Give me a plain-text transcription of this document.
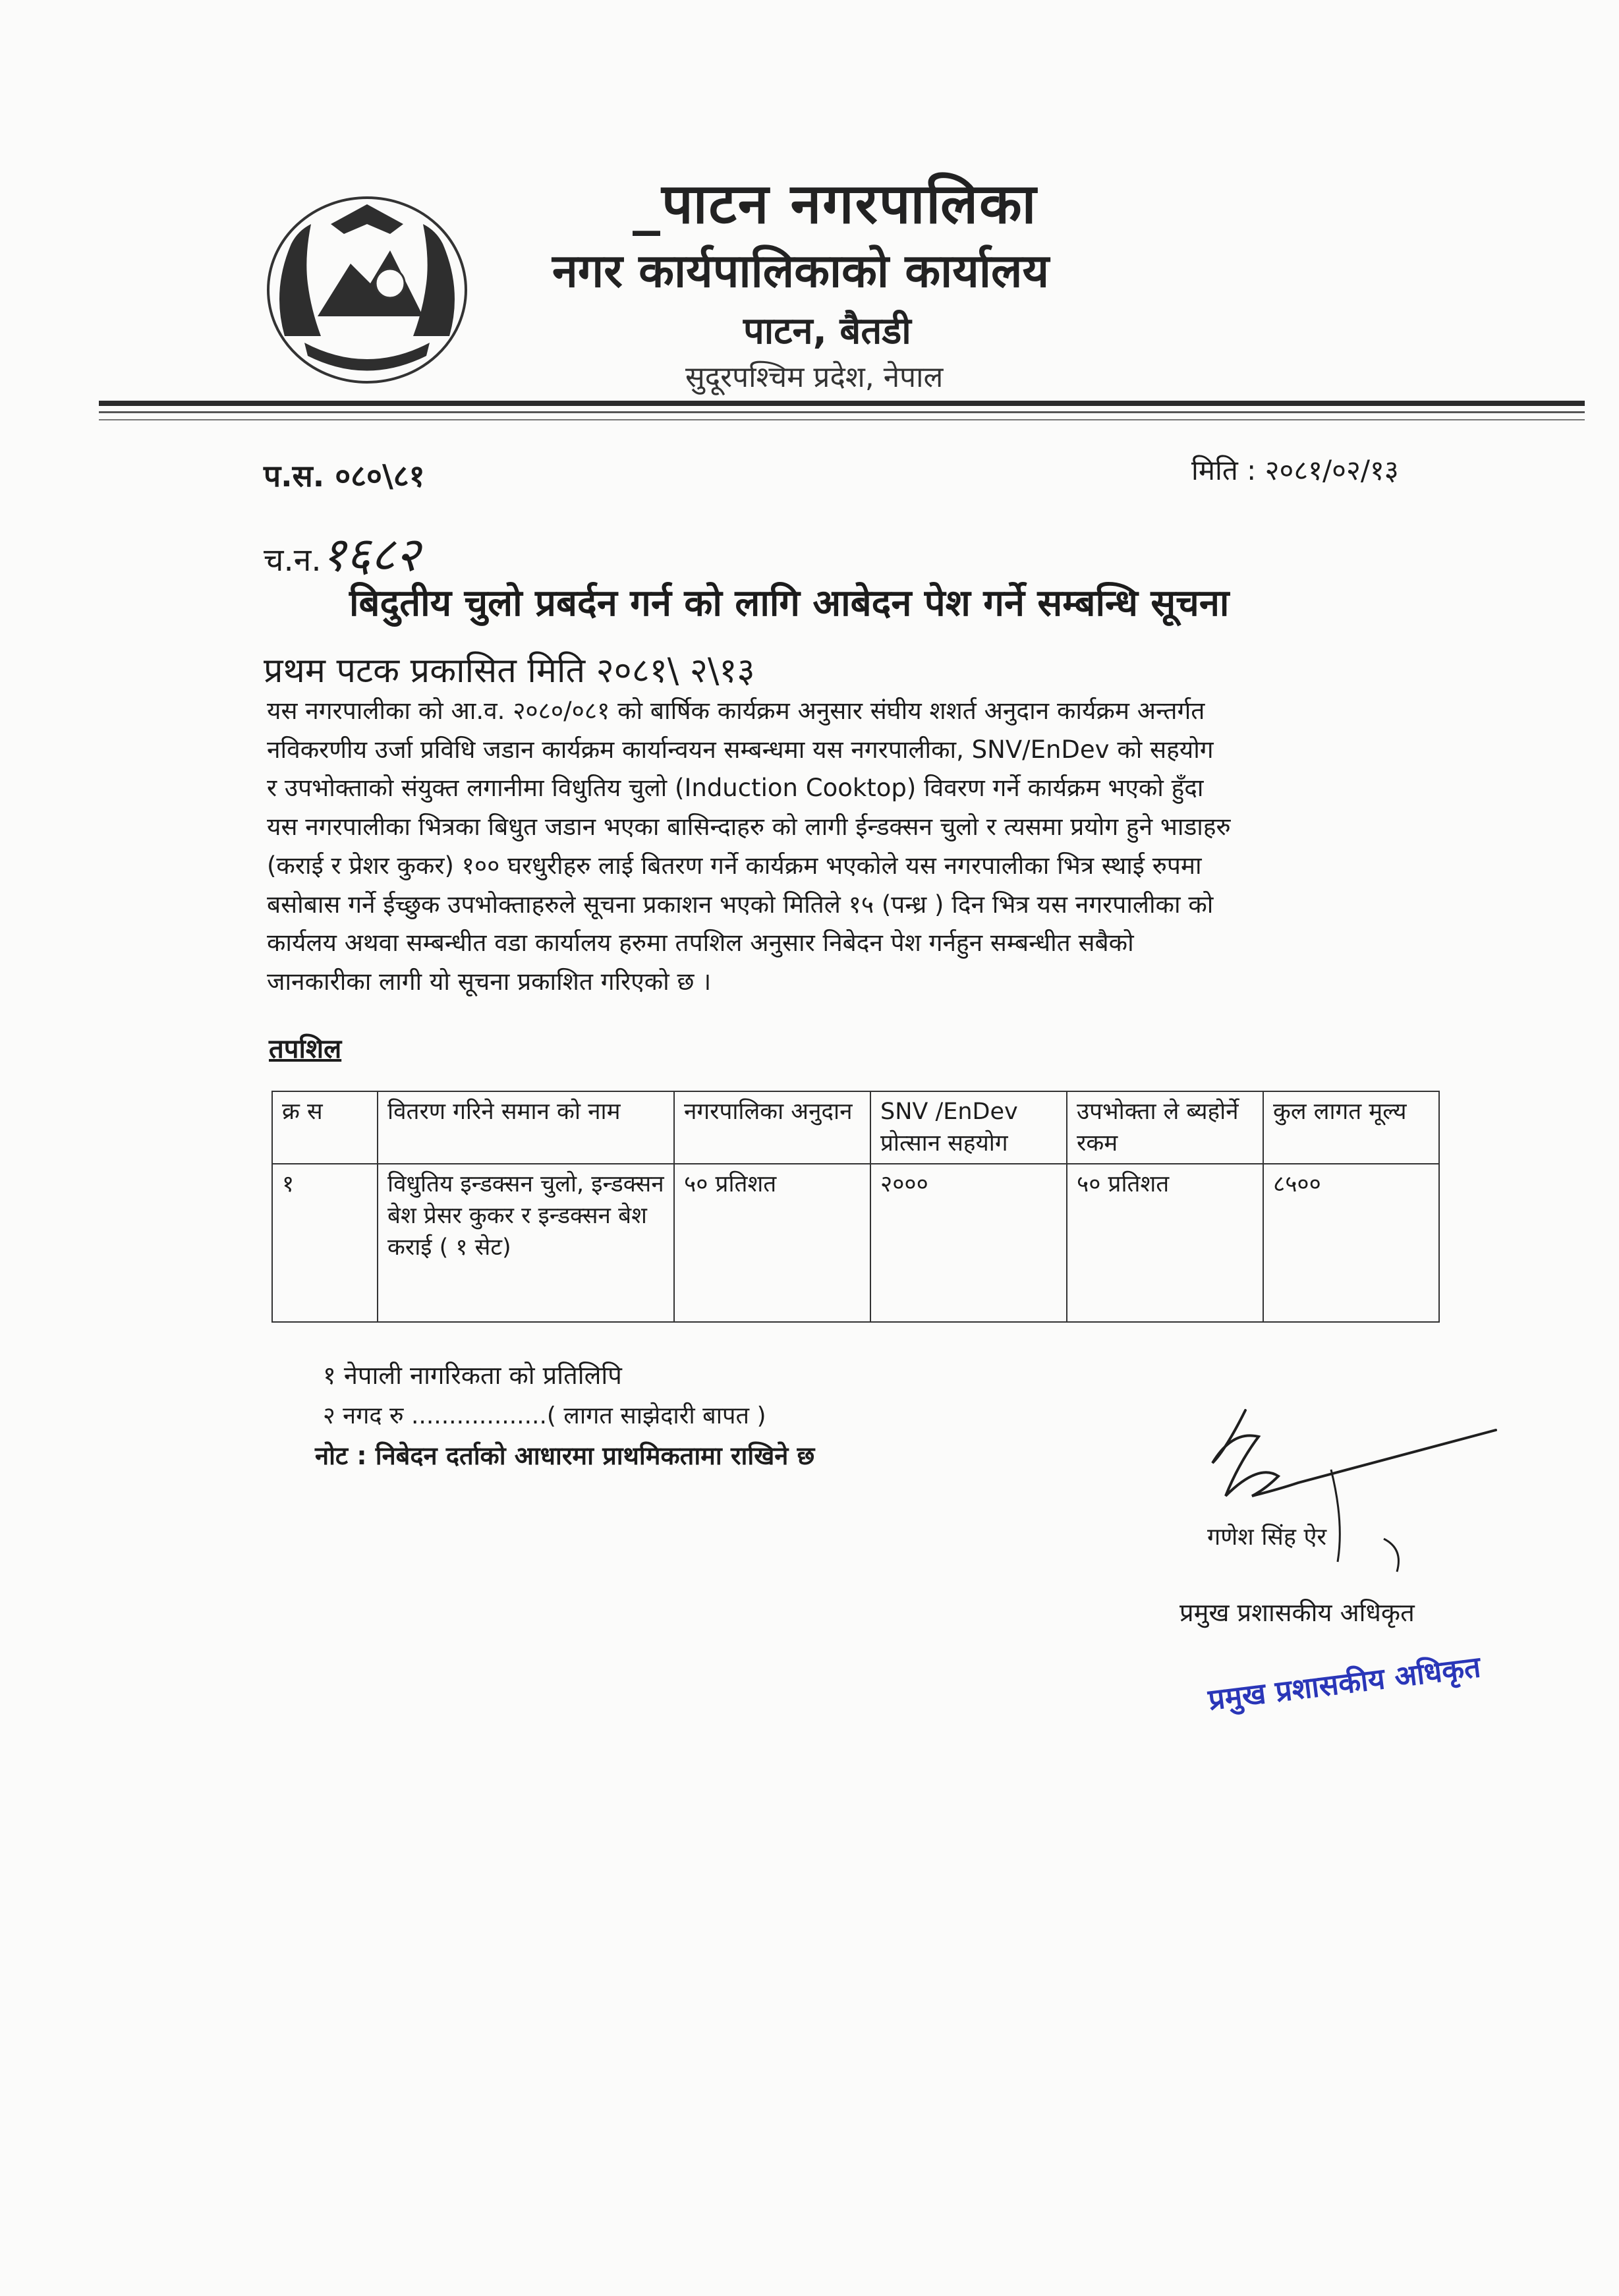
_पाटन नगरपालिका
नगर कार्यपालिकाको कार्यालय
पाटन, बैतडी
सुदूरपश्चिम प्रदेश, नेपाल
प.स. ०८०\८१	मिति : २०८१/०२/१३
च.न.१६८२
बिदुतीय चुलो प्रबर्दन गर्न को लागि आबेदन पेश गर्ने सम्बन्धि सूचना
प्रथम पटक प्रकासित मिति २०८१\ २\१३

यस नगरपालीका को आ.व. २०८०/०८१ को बार्षिक कार्यक्रम अनुसार संघीय शशर्त अनुदान कार्यक्रम अन्तर्गत

नविकरणीय उर्जा प्रविधि जडान कार्यक्रम कार्यान्वयन सम्बन्धमा यस नगरपालीका, SNV/EnDev को सहयोग

र उपभोक्ताको संयुक्त लगानीमा विधुतिय चुलो (Induction Cooktop) विवरण गर्ने कार्यक्रम भएको हुँदा

यस नगरपालीका भित्रका बिधुत जडान भएका बासिन्दाहरु को लागी ईन्डक्सन चुलो र त्यसमा प्रयोग हुने भाडाहरु

(कराई र प्रेशर कुकर) १०० घरधुरीहरु लाई बितरण गर्ने कार्यक्रम भएकोले यस नगरपालीका भित्र स्थाई रुपमा

बसोबास गर्ने ईच्छुक उपभोक्ताहरुले सूचना प्रकाशन भएको मितिले १५ (पन्ध्र ) दिन भित्र यस नगरपालीका को

कार्यलय अथवा सम्बन्धीत वडा कार्यालय हरुमा तपशिल अनुसार निबेदन पेश गर्नहुन सम्बन्धीत सबैको

जानकारीका लागी यो सूचना प्रकाशित गरिएको छ ।

तपशिल
क्र स	वितरण गरिने समान को नाम	नगरपालिका अनुदान	SNV /EnDev प्रोत्सान सहयोग	उपभोक्ता ले ब्यहोर्ने रकम	कुल लागत मूल्य
१	विधुतिय इन्डक्सन चुलो, इन्डक्सन बेश प्रेसर कुकर र इन्डक्सन बेश कराई ( १ सेट)	५० प्रतिशत	२०००	५० प्रतिशत	८५००
१ नेपाली नागरिकता को प्रतिलिपि
२ नगद रु ..................( लागत साझेदारी बापत )
नोट : निबेदन दर्ताको आधारमा प्राथमिकतामा राखिने छ
गणेश सिंह ऐर
प्रमुख प्रशासकीय अधिकृत
प्रमुख प्रशासकीय अधिकृत
